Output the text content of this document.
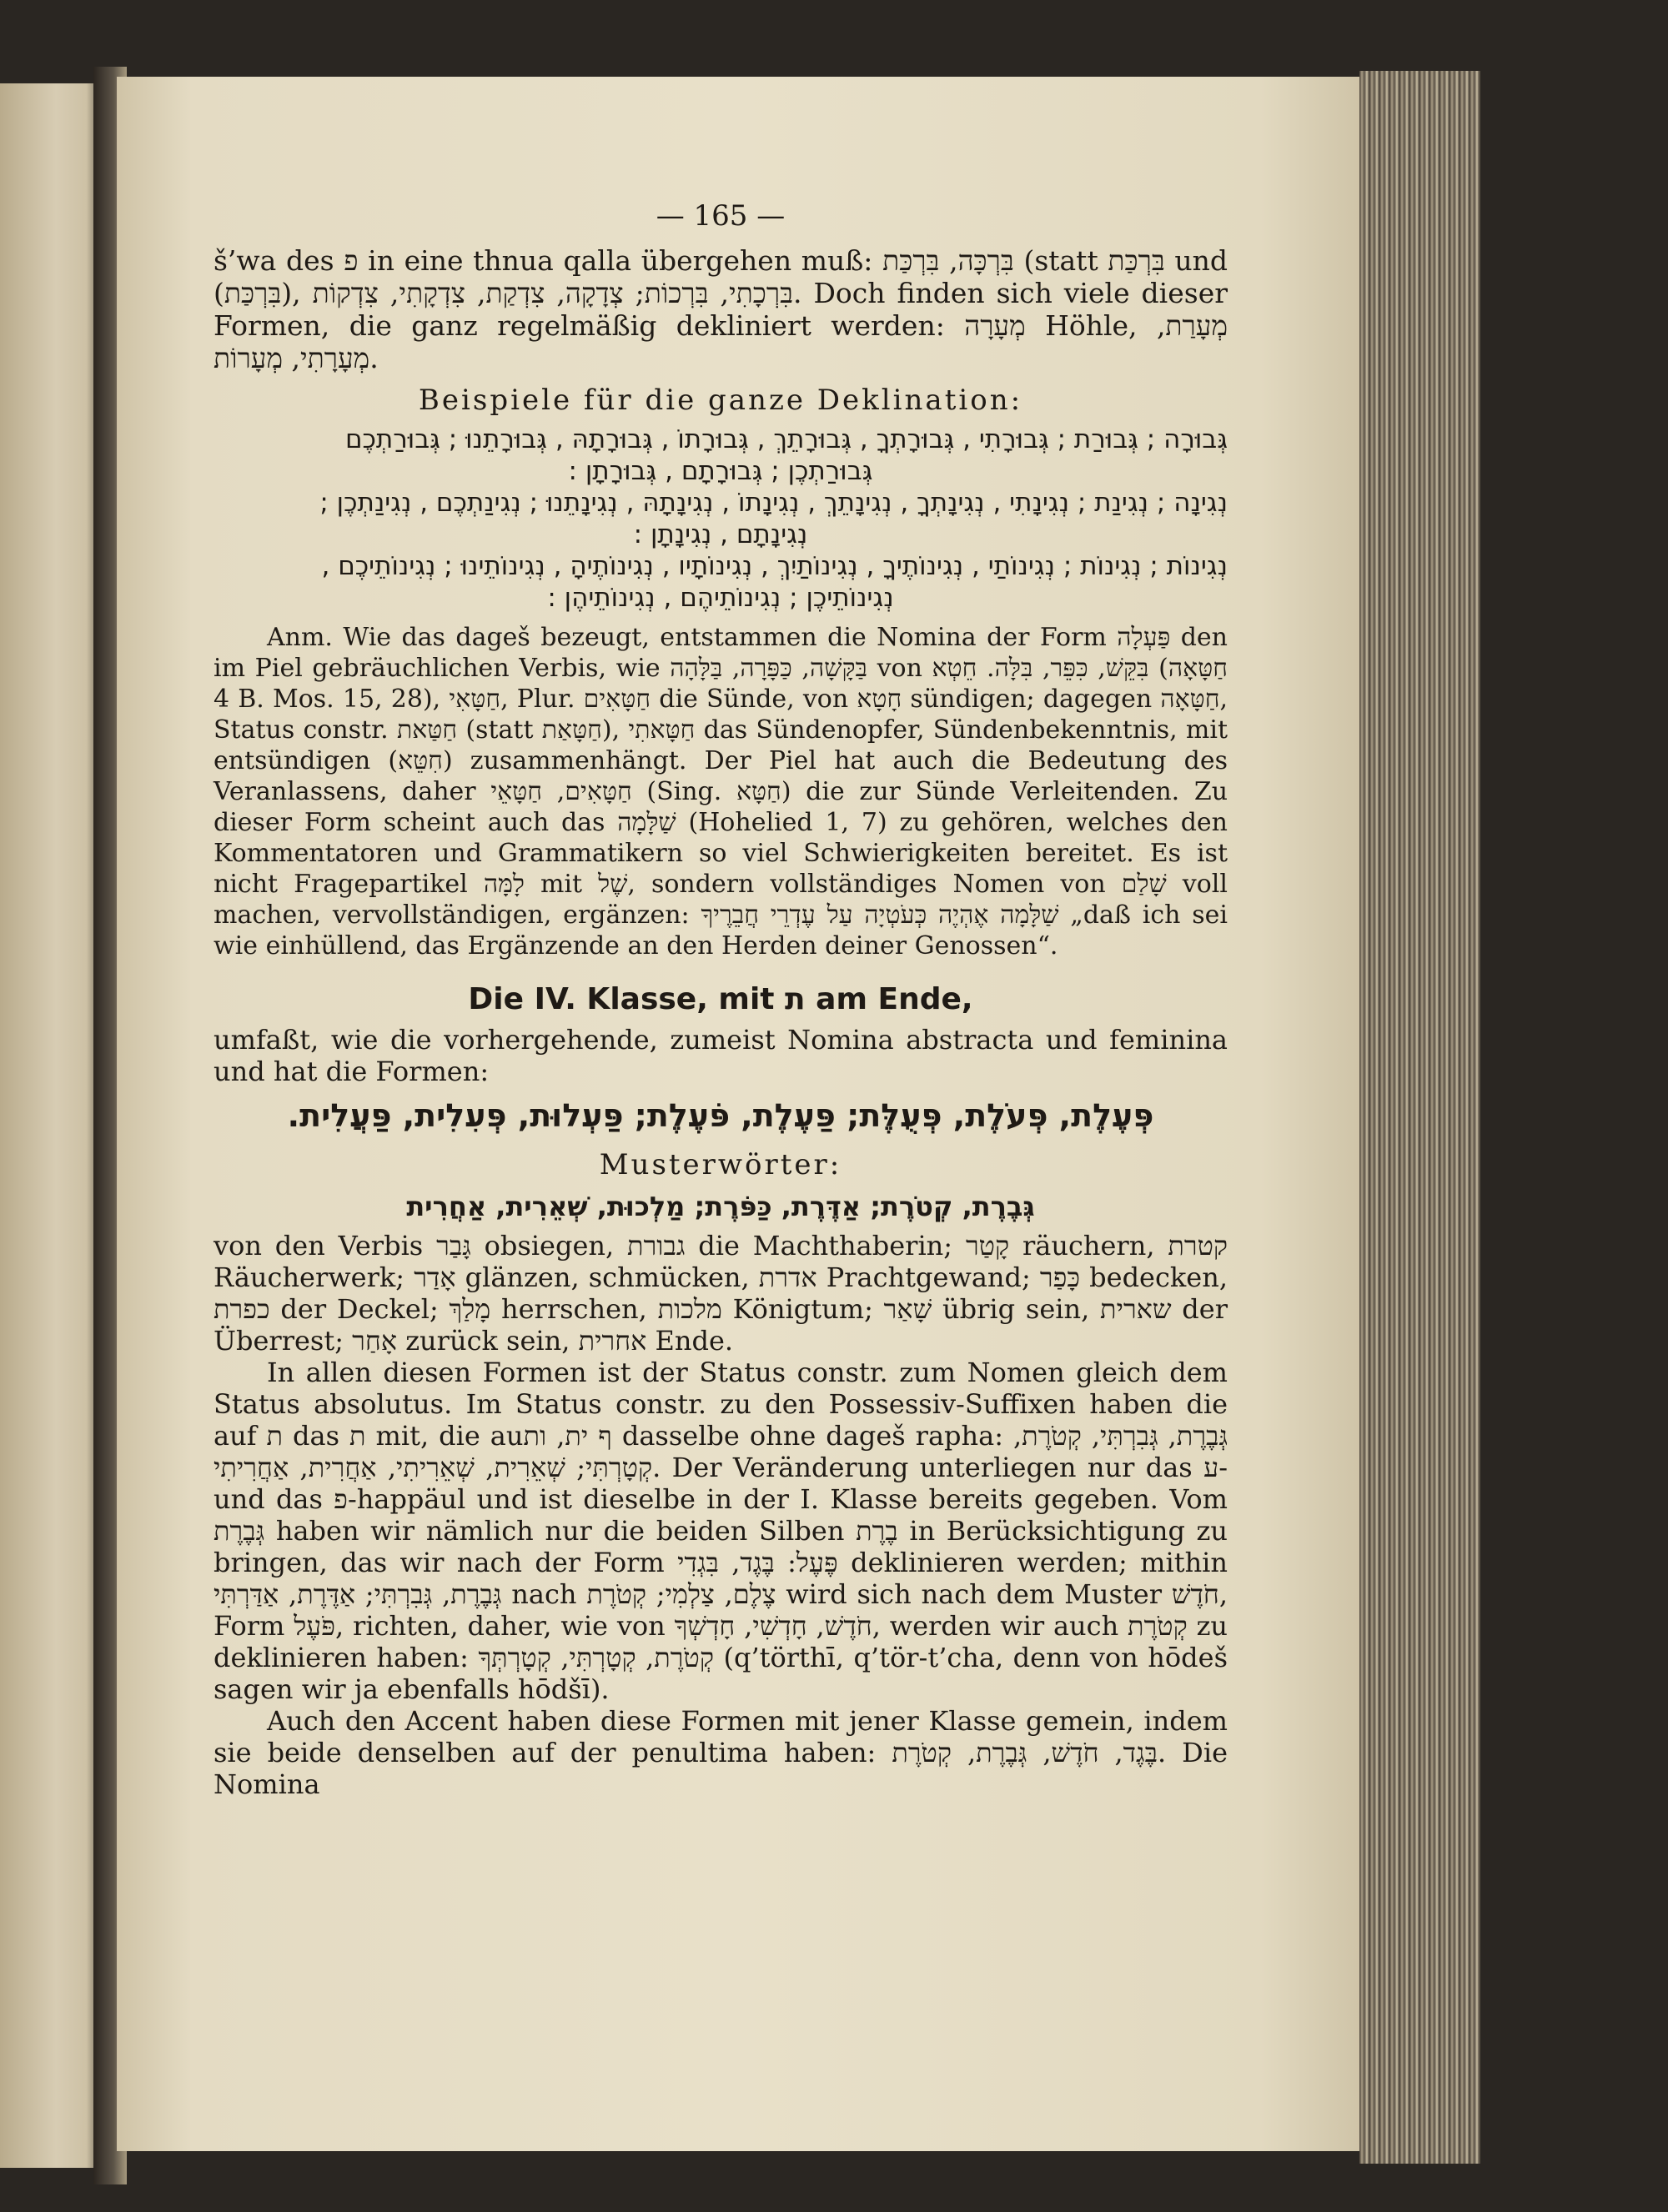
— 165 —

š’wa des פ in eine thnua qalla übergehen muß: בִּרְכָּה, בִּרְכַּת (statt בִּרְכַּת und (בִּרְכַּת), בִּרְכָתִי, בִּרְכוֹת; צְדָקָה, צִדְקַת, צִדְקָתִי, צִדְקוֹת. Doch finden sich viele dieser Formen, die ganz regelmäßig dekliniert werden: מְעָרָה Höhle, מְעָרַת, מְעָרָתִי, מְעָרוֹת.

Beispiele für die ganze Deklination:
גְּבוּרָה ; גְּבוּרַת ; גְּבוּרָתִי , גְּבוּרָתְךָ , גְּבוּרָתֵךְ , גְּבוּרָתוֹ , גְּבוּרָתָהּ , גְּבוּרָתֵנוּ ; גְּבוּרַתְכֶם
גְּבוּרַתְכֶן ; גְּבוּרָתָם , גְּבוּרָתָן :
נְגִינָה ; נְגִינַת ; נְגִינָתִי , נְגִינָתְךָ , נְגִינָתֵךְ , נְגִינָתוֹ , נְגִינָתָהּ , נְגִינָתֵנוּ ; נְגִינַתְכֶם , נְגִינַתְכֶן ;
נְגִינָתָם , נְגִינָתָן :
נְגִינוֹת ; נְגִינוֹת ; נְגִינוֹתַי , נְגִינוֹתֶיךָ , נְגִינוֹתַיִךְ , נְגִינוֹתָיו , נְגִינוֹתֶיהָ , נְגִינוֹתֵינוּ ; נְגִינוֹתֵיכֶם ,
נְגִינוֹתֵיכֶן ; נְגִינוֹתֵיהֶם , נְגִינוֹתֵיהֶן :

Anm. Wie das dageš bezeugt, entstammen die Nomina der Form פַּעְלָה den im Piel gebräuchlichen Verbis, wie בַּקָּשָׁה, כַּפָּרָה, בַּלָּהָה von בִּקֵּשׁ, כִּפֵּר, בִּלָּה. חֵטְא (חַטָּאָה 4 B. Mos. 15, 28), חַטָּאִי, Plur. חַטָּאִים die Sünde, von חָטָא sündigen; dagegen חַטָּאָה, Status constr. חַטַּאת (statt חַטָּאַת), חַטָּאתִי das Sündenopfer, Sündenbekenntnis, mit entsündigen (חִטֵּא) zusammenhängt. Der Piel hat auch die Bedeutung des Veranlassens, daher חַטָּאִים, חַטָּאֵי (Sing. חַטָּא) die zur Sünde Verleitenden. Zu dieser Form scheint auch das שַׁלָּמָה (Hohelied 1, 7) zu gehören, welches den Kommentatoren und Grammatikern so viel Schwierigkeiten bereitet. Es ist nicht Fragepartikel לָמָּה mit שֶׁל, sondern vollständiges Nomen von שָׁלַם voll machen, vervollständigen, ergänzen: שַׁלָּמָה אֶהְיֶה כְּעֹטְיָה עַל עֶדְרֵי חֲבֵרֶיךָ „daß ich sei wie einhüllend, das Ergänzende an den Herden deiner Genossen“.

Die IV. Klasse, mit ת am Ende,

umfaßt, wie die vorhergehende, zumeist Nomina abstracta und feminina und hat die Formen:

פְּעֶלֶת, פְּעֹלֶת, פְּעֻלֶּת; פַּעֶלֶת, פֹּעֶלֶת; פַּעְלוּת, פְּעִלִית, פַּעֲלִית.
Musterwörter:
גְּבֶרֶת, קְטֹרֶת; אַדֶּרֶת, כַּפֹּרֶת; מַלְכוּת, שְׁאֵרִית, אַחֲרִית

von den Verbis גָּבַר obsiegen, גבורת die Machthaberin; קָטַר räuchern, קטרת Räucherwerk; אָדַר glänzen, schmücken, אדרת Prachtgewand; כָּפַר bedecken, כפרת der Deckel; מָלַךְ herrschen, מלכות Königtum; שָׁאַר übrig sein, שארית der Überrest; אָחַר zurück sein, אחרית Ende.

In allen diesen Formen ist der Status constr. zum Nomen gleich dem Status absolutus. Im Status constr. zu den Possessiv-Suffixen haben die auf ת das ת mit, die auף ית, ות dasselbe ohne dageš rapha: גְּבֶרֶת, גְּבִרְתִּי, קְטֹרֶת, קְטָרְתִּי; שְׁאֵרִית, שְׁאֵרִיתִי, אַחֲרִית, אַחֲרִיתִי. Der Veränderung unterliegen nur das ע- und das פ-happäul und ist dieselbe in der I. Klasse bereits gegeben. Vom גְּבֶרֶת haben wir nämlich nur die beiden Silben בֶרֶת in Berücksichtigung zu bringen, das wir nach der Form פֶּעֶל: בֶּגֶד, בִּגְדִי deklinieren werden; mithin גְּבֶרֶת, גְּבִרְתִּי; אַדֶּרֶת, אַדַּרְתִּי nach צֶלֶם, צַלְמִי; קְטֹרֶת wird sich nach dem Muster חֹדֶשׁ, Form פֹּעֶל, richten, daher, wie von חֹדֶשׁ, חָדְשִׁי, חָדְשְׁךָ, werden wir auch קְטֹרֶת zu deklinieren haben: קְטֹרֶת, קְטָרְתִּי, קְטָרְתְּךָ (q’törthī, q’tör-t’cha, denn von hōdeš sagen wir ja ebenfalls hōdšī).

Auch den Accent haben diese Formen mit jener Klasse gemein, indem sie beide denselben auf der penultima haben: בֶּגֶד, חֹדֶשׁ, גְּבֶרֶת, קְטֹרֶת. Die Nomina
